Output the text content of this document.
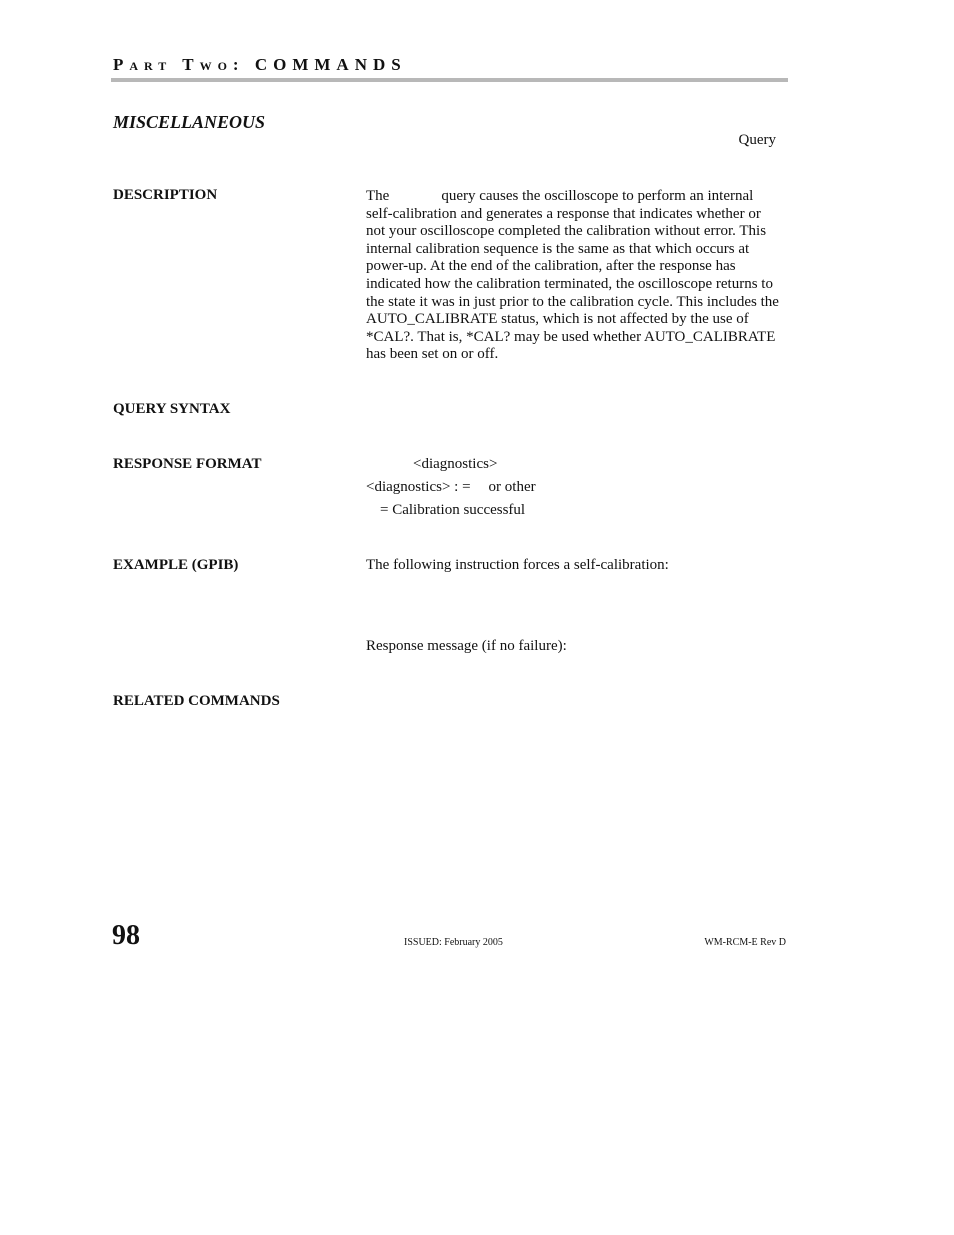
Part Two: COMMANDS
MISCELLANEOUS
Query
DESCRIPTION	The	query causes the oscilloscope to perform an internal
self-calibration and generates a response that indicates whether or
not your oscilloscope completed the calibration without error. This
internal calibration sequence is the same as that which occurs at
power-up. At the end of the calibration, after the response has
indicated how the calibration terminated, the oscilloscope returns to
the state it was in just prior to the calibration cycle. This includes the
AUTO_CALIBRATE status, which is not affected by the use of
*CAL?. That is, *CAL? may be used whether AUTO_CALIBRATE
has been set on or off.
QUERY SYNTAX
RESPONSE FORMAT	<diagnostics>
<diagnostics> : = or other
= Calibration successful
EXAMPLE (GPIB)	The following instruction forces a self-calibration:
Response message (if no failure):
RELATED COMMANDS
98	ISSUED: February 2005	WM-RCM-E Rev D
